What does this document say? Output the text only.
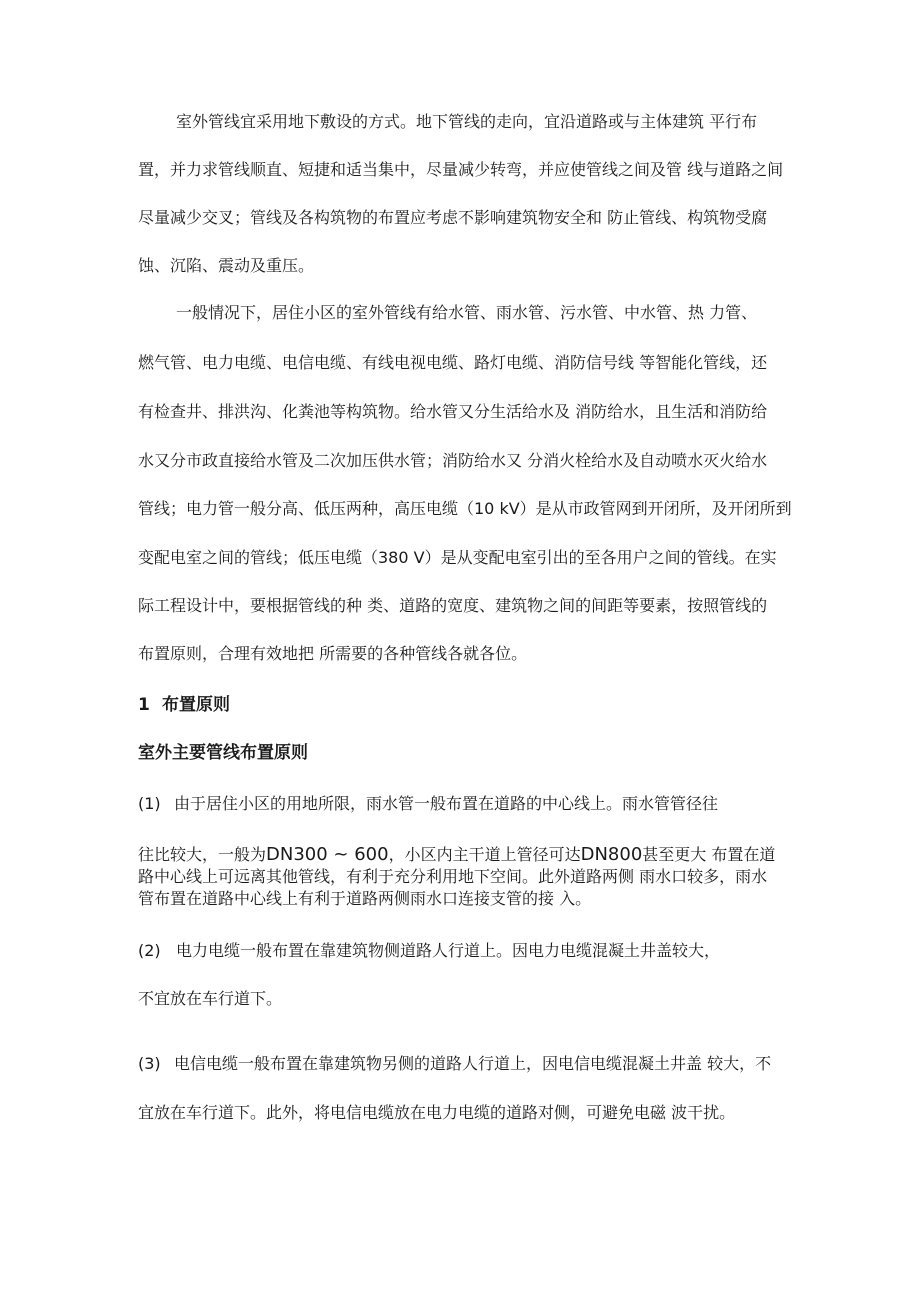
室外管线宜采用地下敷设的方式。地下管线的走向，宜沿道路或与主体建筑 平行布
置，并力求管线顺直、短捷和适当集中，尽量减少转弯，并应使管线之间及管 线与道路之间
尽量减少交叉；管线及各构筑物的布置应考虑不影响建筑物安全和 防止管线、构筑物受腐
蚀、沉陷、震动及重压。
一般情况下，居住小区的室外管线有给水管、雨水管、污水管、中水管、热 力管、
燃气管、电力电缆、电信电缆、有线电视电缆、路灯电缆、消防信号线 等智能化管线，还
有检查井、排洪沟、化粪池等构筑物。给水管又分生活给水及 消防给水，且生活和消防给
水又分市政直接给水管及二次加压供水管；消防给水又 分消火栓给水及自动喷水灭火给水
管线；电力管一般分高、低压两种，高压电缆（10 kV）是从市政管网到开闭所，及开闭所到
变配电室之间的管线；低压电缆（380 V）是从变配电室引出的至各用户之间的管线。在实
际工程设计中，要根据管线的种 类、道路的宽度、建筑物之间的间距等要素，按照管线的
布置原则，合理有效地把 所需要的各种管线各就各位。
1 布置原则
室外主要管线布置原则
(1) 由于居住小区的用地所限，雨水管一般布置在道路的中心线上。雨水管管径往
往比较大，一般为DN300 ~ 600，小区内主干道上管径可达DN800甚至更大 布置在道
路中心线上可远离其他管线，有利于充分利用地下空间。此外道路两侧 雨水口较多，雨水
管布置在道路中心线上有利于道路两侧雨水口连接支管的接 入。
(2) 电力电缆一般布置在靠建筑物侧道路人行道上。因电力电缆混凝土井盖较大，
不宜放在车行道下。
(3) 电信电缆一般布置在靠建筑物另侧的道路人行道上，因电信电缆混凝土井盖 较大，不
宜放在车行道下。此外，将电信电缆放在电力电缆的道路对侧，可避免电磁 波干扰。
